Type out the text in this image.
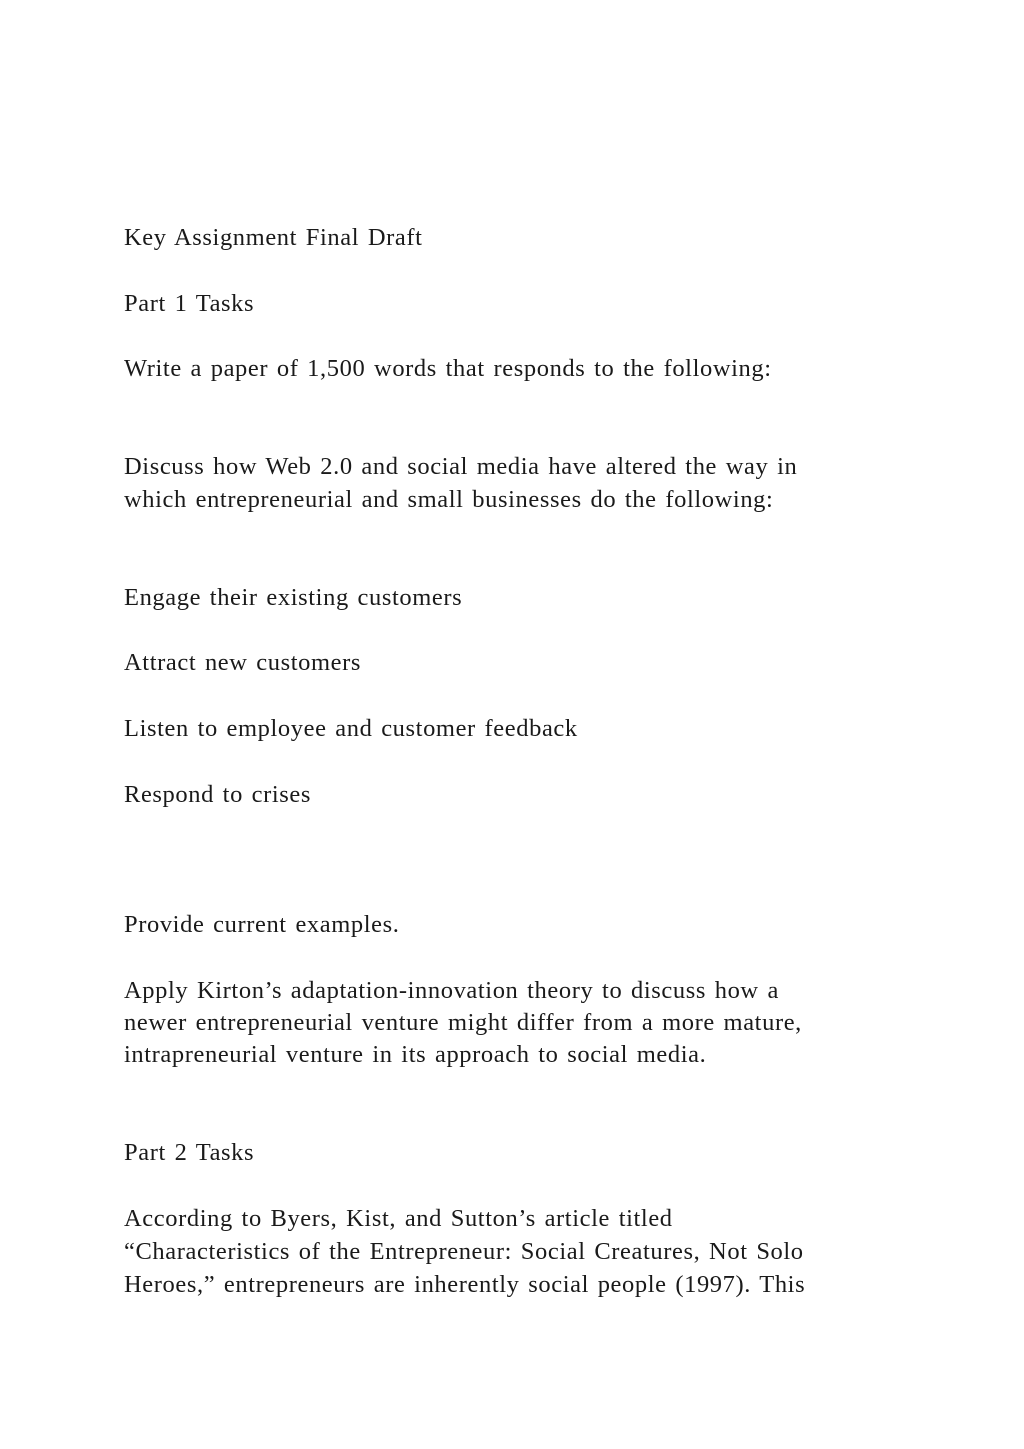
Key Assignment Final Draft
Part 1 Tasks
Write a paper of 1,500 words that responds to the following:
Discuss how Web 2.0 and social media have altered the way in
which entrepreneurial and small businesses do the following:
Engage their existing customers
Attract new customers
Listen to employee and customer feedback
Respond to crises
Provide current examples.
Apply Kirton’s adaptation-innovation theory to discuss how a
newer entrepreneurial venture might differ from a more mature,
intrapreneurial venture in its approach to social media.
Part 2 Tasks
According to Byers, Kist, and Sutton’s article titled
“Characteristics of the Entrepreneur: Social Creatures, Not Solo
Heroes,” entrepreneurs are inherently social people (1997). This
